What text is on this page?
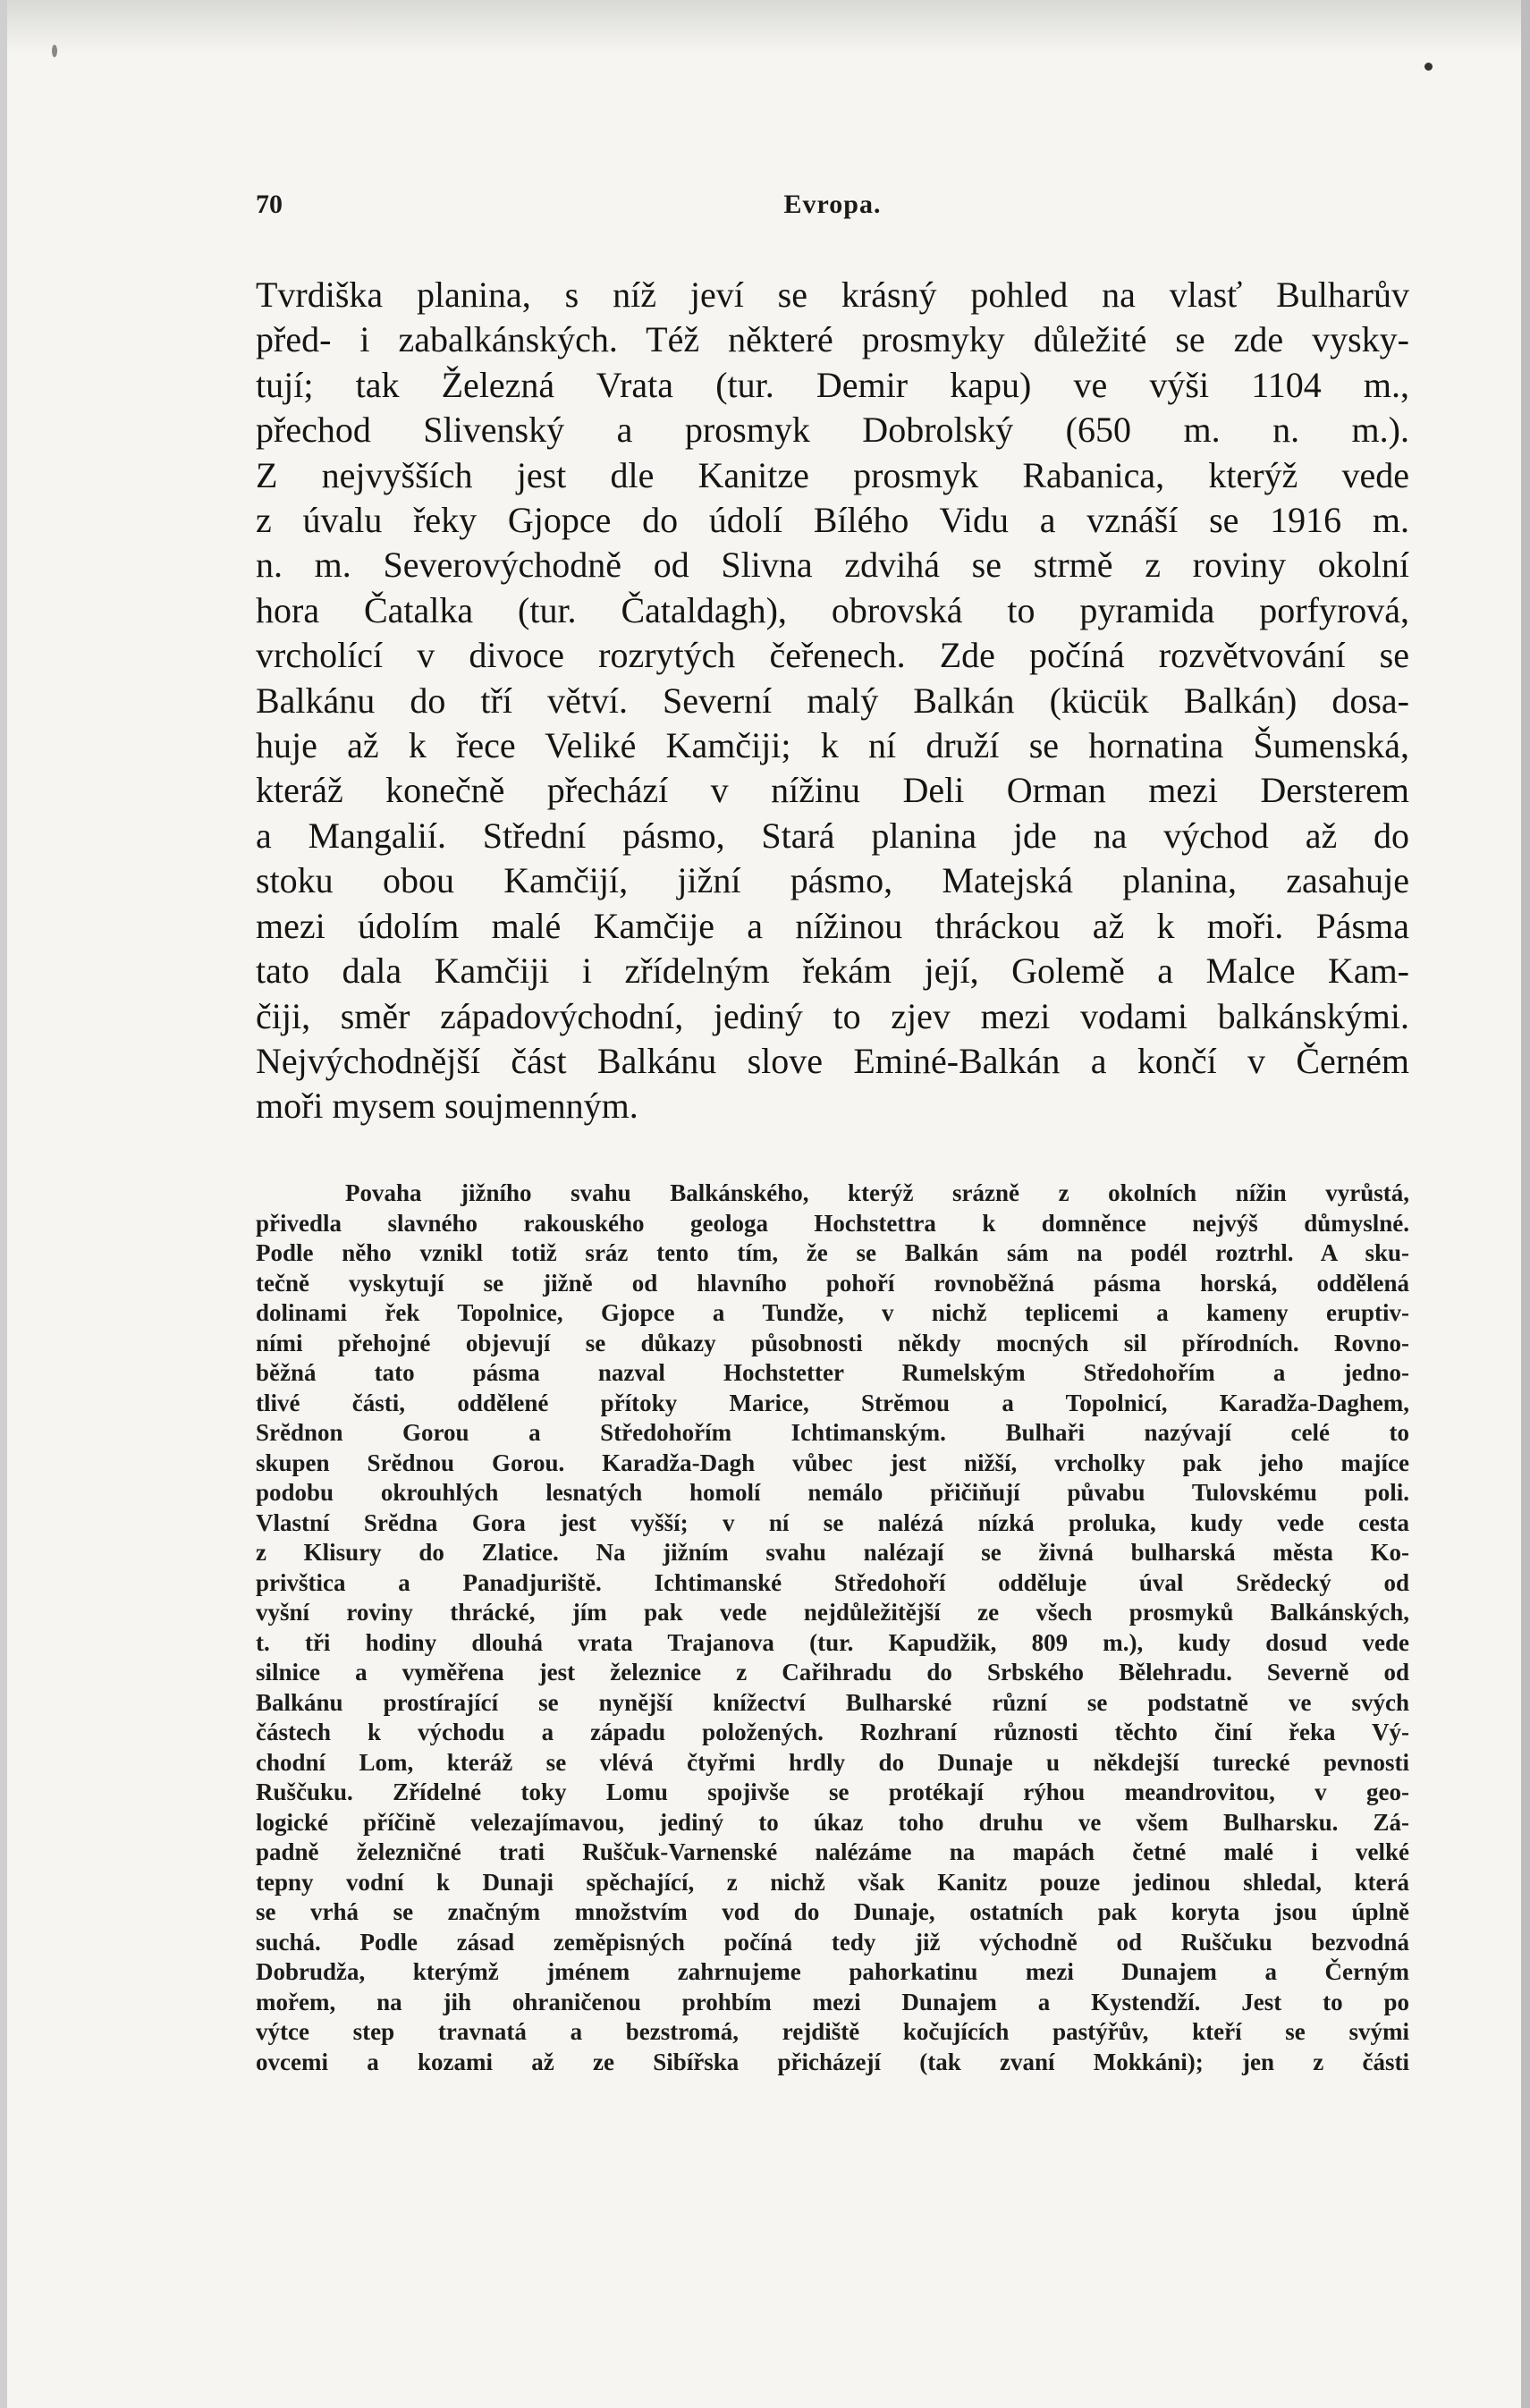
70	Evropa.
Tvrdiška planina, s níž jeví se krásný pohled na vlasť Bulharův
před- i zabalkánských. Též některé prosmyky důležité se zde vysky-
tují; tak Železná Vrata (tur. Demir kapu) ve výši 1104 m.,
přechod Slivenský a prosmyk Dobrolský (650 m. n. m.).
Z nejvyšších jest dle Kanitze prosmyk Rabanica, kterýž vede
z úvalu řeky Gjopce do údolí Bílého Vidu a vznáší se 1916 m.
n. m. Severovýchodně od Slivna zdvihá se strmě z roviny okolní
hora Čatalka (tur. Čataldagh), obrovská to pyramida porfyrová,
vrcholící v divoce rozrytých čeřenech. Zde počíná rozvětvování se
Balkánu do tří větví. Severní malý Balkán (kücük Balkán) dosa-
huje až k řece Veliké Kamčiji; k ní druží se hornatina Šumenská,
kteráž konečně přechází v nížinu Deli Orman mezi Dersterem
a Mangalií. Střední pásmo, Stará planina jde na východ až do
stoku obou Kamčijí, jižní pásmo, Matejská planina, zasahuje
mezi údolím malé Kamčije a nížinou thráckou až k moři. Pásma
tato dala Kamčiji i zřídelným řekám její, Golemě a Malce Kam-
čiji, směr západovýchodní, jediný to zjev mezi vodami balkánskými.
Nejvýchodnější část Balkánu slove Eminé-Balkán a končí v Černém
moři mysem soujmenným.
Povaha jižního svahu Balkánského, kterýž srázně z okolních nížin vyrůstá,
přivedla slavného rakouského geologa Hochstettra k domněnce nejvýš důmyslné.
Podle něho vznikl totiž sráz tento tím, že se Balkán sám na podél roztrhl. A sku-
tečně vyskytují se jižně od hlavního pohoří rovnoběžná pásma horská, oddělená
dolinami řek Topolnice, Gjopce a Tundže, v nichž teplicemi a kameny eruptiv-
ními přehojné objevují se důkazy působnosti někdy mocných sil přírodních. Rovno-
běžná tato pásma nazval Hochstetter Rumelským Středohořím a jedno-
tlivé části, oddělené přítoky Marice, Strĕmou a Topolnicí, Karadža-Daghem,
Srĕdnon Gorou a Středohořím Ichtimanským. Bulhaři nazývají celé to
skupen Srĕdnou Gorou. Karadža-Dagh vůbec jest nižší, vrcholky pak jeho majíce
podobu okrouhlých lesnatých homolí nemálo přičiňují půvabu Tulovskému poli.
Vlastní Srĕdna Gora jest vyšší; v ní se nalézá nízká proluka, kudy vede cesta
z Klisury do Zlatice. Na jižním svahu nalézají se živná bulharská města Ko-
privštica a Panadjurištĕ. Ichtimanské Středohoří odděluje úval Srědecký od
vyšní roviny thrácké, jím pak vede nejdůležitější ze všech prosmyků Balkánských,
t. tři hodiny dlouhá vrata Trajanova (tur. Kapudžik, 809 m.), kudy dosud vede
silnice a vyměřena jest železnice z Cařihradu do Srbského Bělehradu. Severně od
Balkánu prostírající se nynější knížectví Bulharské různí se podstatně ve svých
částech k východu a západu položených. Rozhraní různosti těchto činí řeka Vý-
chodní Lom, kteráž se vlévá čtyřmi hrdly do Dunaje u někdejší turecké pevnosti
Ruščuku. Zřídelné toky Lomu spojivše se protékají rýhou meandrovitou, v geo-
logické příčině velezajímavou, jediný to úkaz toho druhu ve všem Bulharsku. Zá-
padně železničné trati Ruščuk-Varnenské nalézáme na mapách četné malé i velké
tepny vodní k Dunaji spěchající, z nichž však Kanitz pouze jedinou shledal, která
se vrhá se značným množstvím vod do Dunaje, ostatních pak koryta jsou úplně
suchá. Podle zásad zeměpisných počíná tedy již východně od Ruščuku bezvodná
Dobrudža, kterýmž jménem zahrnujeme pahorkatinu mezi Dunajem a Černým
mořem, na jih ohraničenou prohbím mezi Dunajem a Kystendží. Jest to po
výtce step travnatá a bezstromá, rejdiště kočujících pastýřův, kteří se svými
ovcemi a kozami až ze Sibířska přicházejí (tak zvaní Mokkáni); jen z části
